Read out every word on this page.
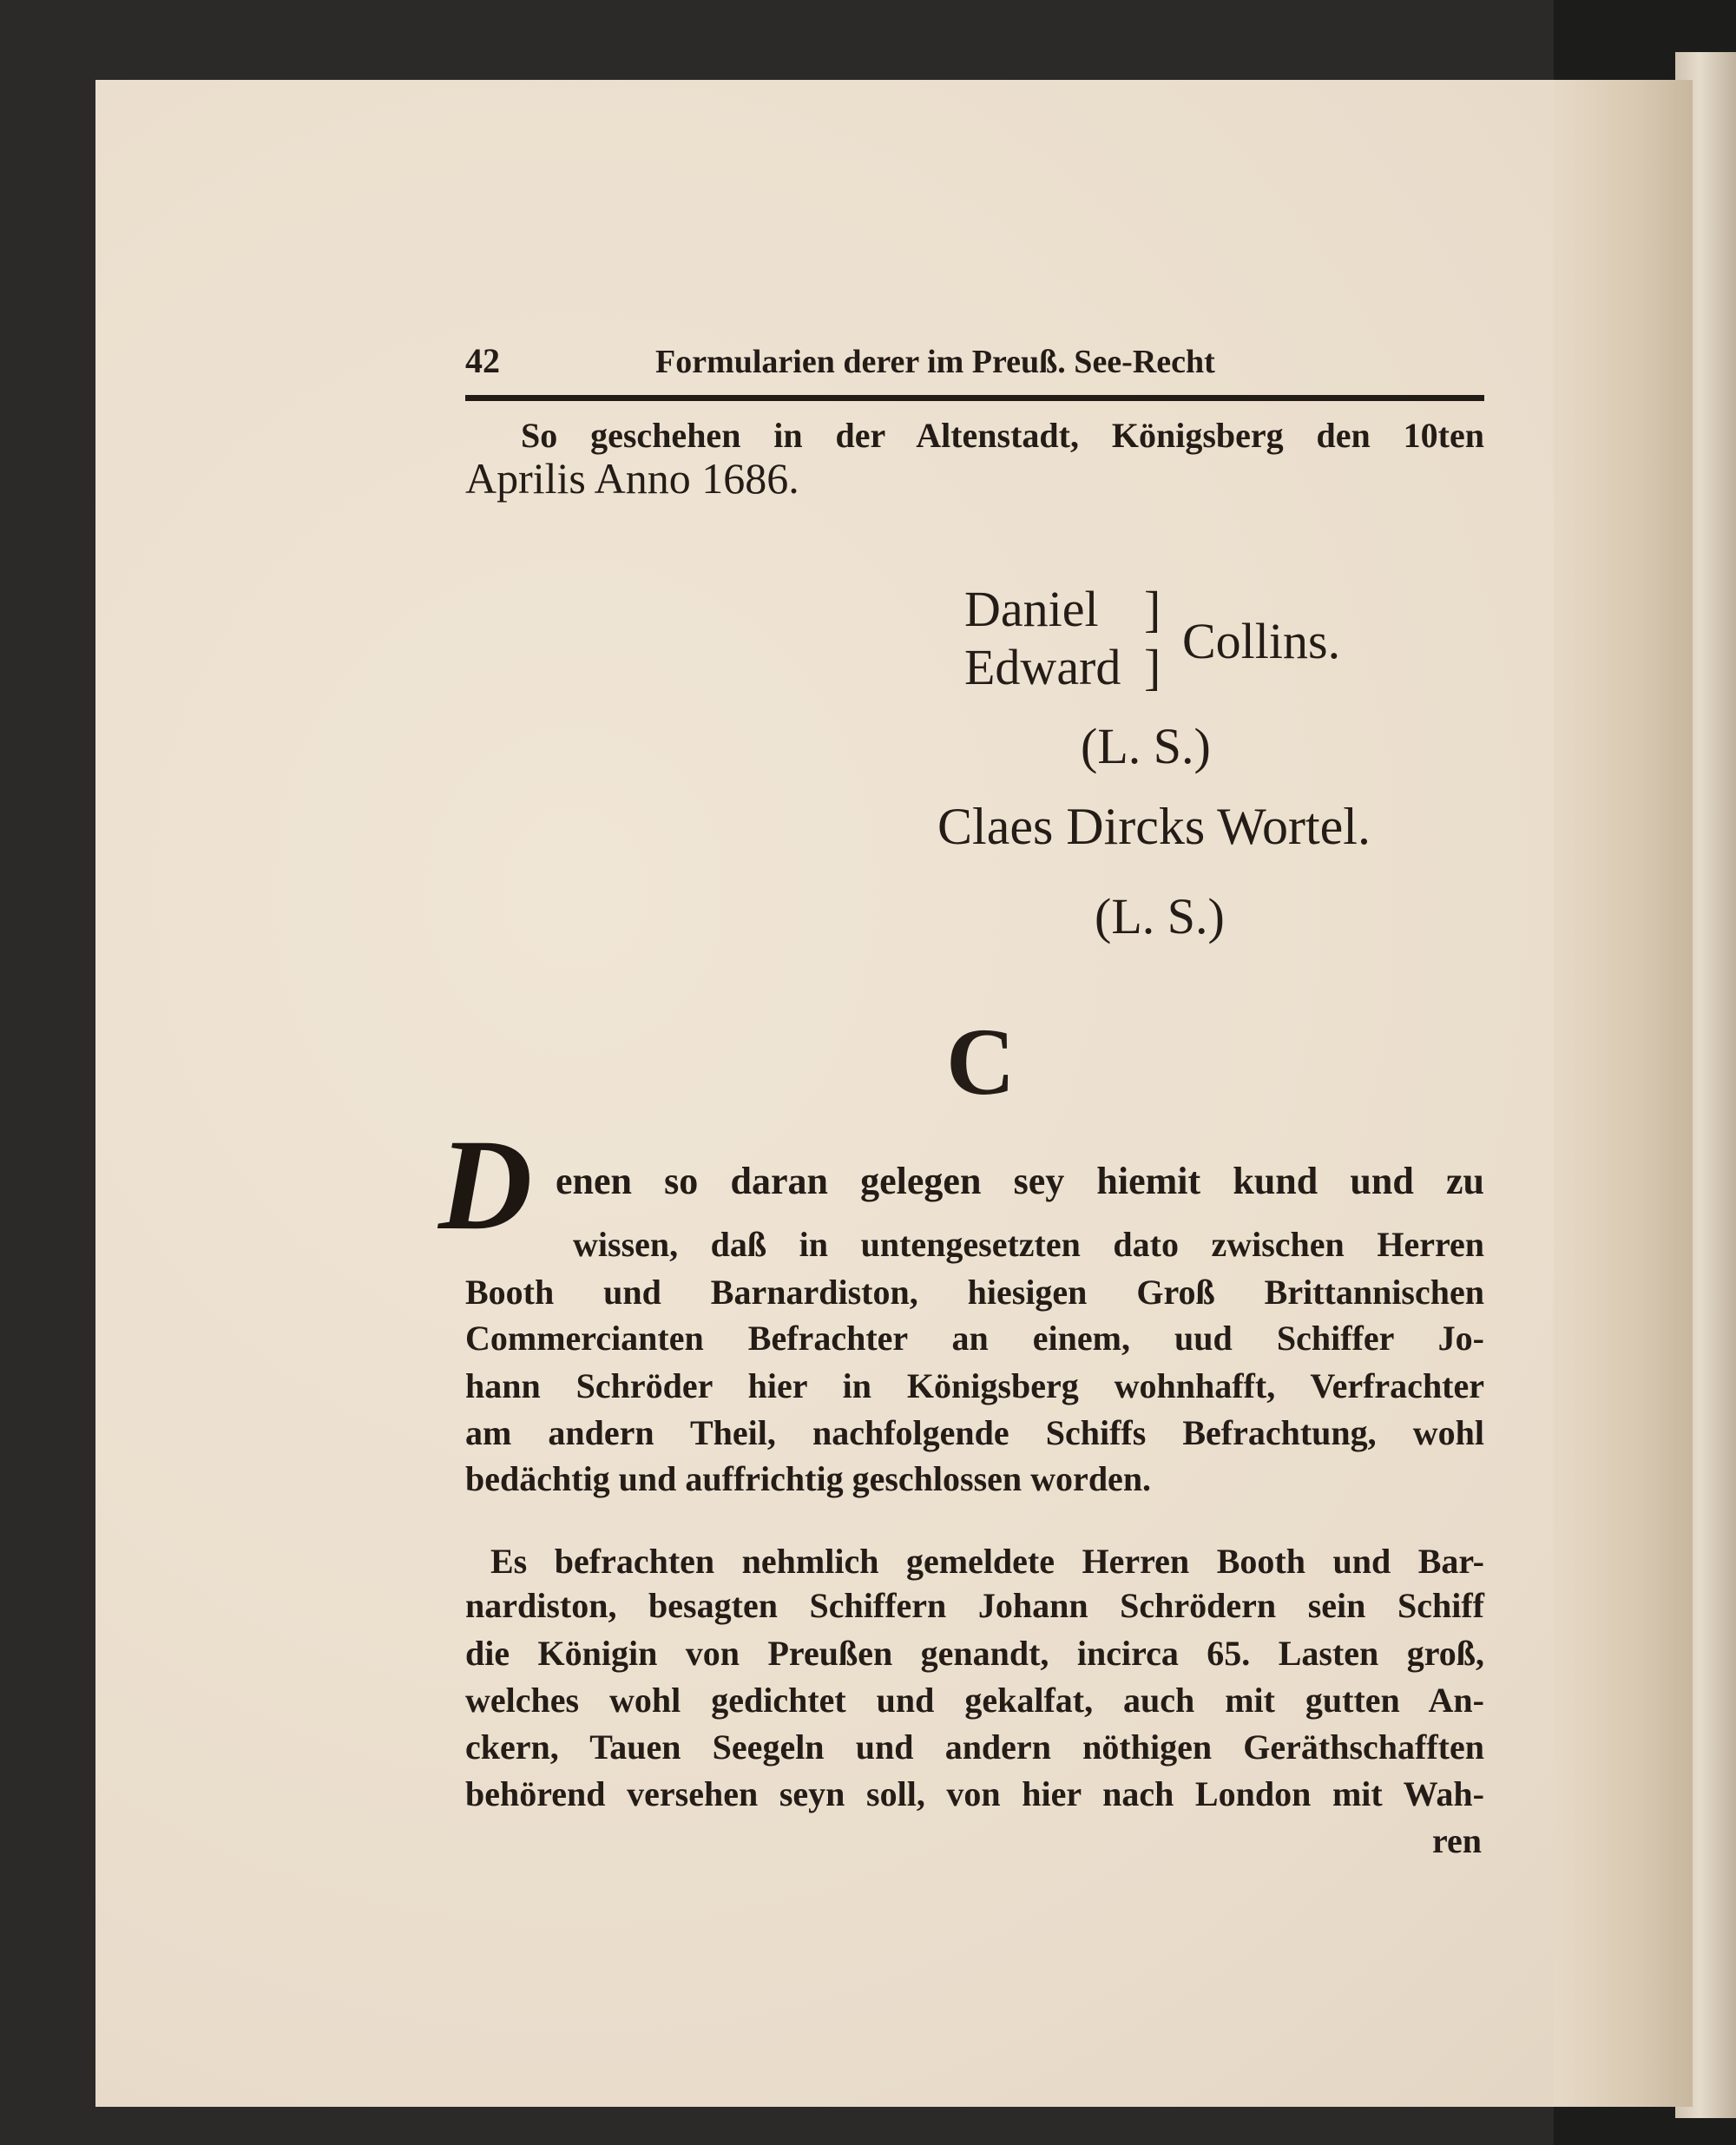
42	Formularien derer im Preuß. See-Recht
So geschehen in der Altenstadt, Königsberg den 10ten
Aprilis Anno 1686.
Daniel ]
Edward ] Collins.
(L. S.)
Claes Dircks Wortel.
(L. S.)
C
D enen so daran gelegen sey hiemit kund und zu
wissen, daß in untengesetzten dato zwischen Herren
Booth und Barnardiston, hiesigen Groß Brittannischen
Commercianten Befrachter an einem, uud Schiffer Jo-
hann Schröder hier in Königsberg wohnhafft, Verfrachter
am andern Theil, nachfolgende Schiffs Befrachtung, wohl
bedächtig und auffrichtig geschlossen worden.
Es befrachten nehmlich gemeldete Herren Booth und Bar-
nardiston, besagten Schiffern Johann Schrödern sein Schiff
die Königin von Preußen genandt, incirca 65. Lasten groß,
welches wohl gedichtet und gekalfat, auch mit gutten An-
ckern, Tauen Seegeln und andern nöthigen Geräthschafften
behörend versehen seyn soll, von hier nach London mit Wah-
ren
